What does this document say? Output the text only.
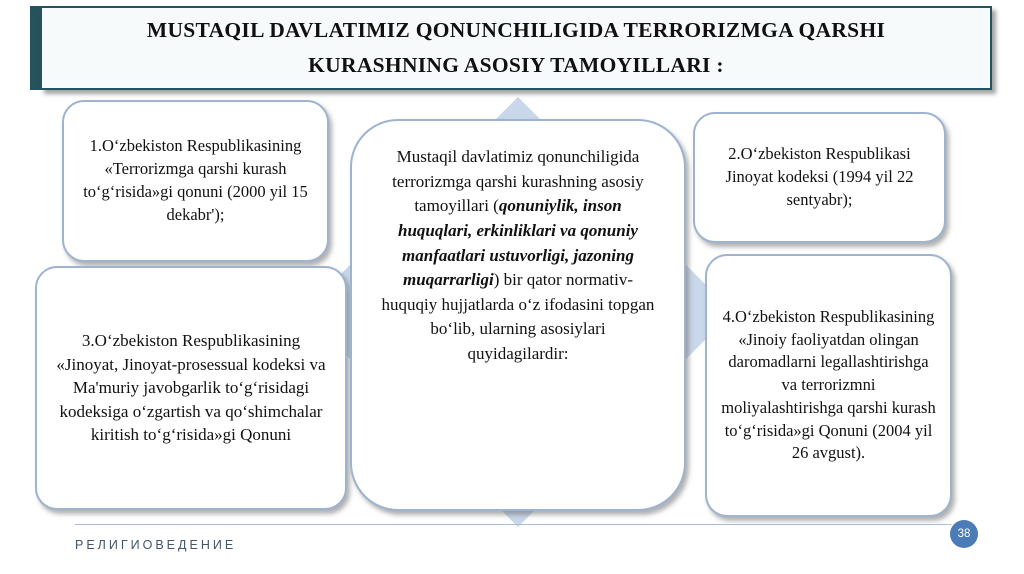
MUSTAQIL DAVLATIMIZ QONUNCHILIGIDA TERRORIZMGA QARSHI
KURASHNING ASOSIY TAMOYILLARI :
1.Oʻzbekiston Respublikasining «Terrorizmga qarshi kurash toʻgʻrisida»gi qonuni (2000 yil 15 dekabr');
2.Oʻzbekiston Respublikasi Jinoyat kodeksi (1994 yil 22 sentyabr);
3.Oʻzbekiston Respublikasining «Jinoyat, Jinoyat-prosessual kodeksi va Ma'muriy javobgarlik toʻgʻrisidagi kodeksiga oʻzgartish va qoʻshimchalar kiritish toʻgʻrisida»gi Qonuni
4.Oʻzbekiston Respublikasining «Jinoiy faoliyatdan olingan daromadlarni legallashtirishga va terrorizmni moliyalashtirishga qarshi kurash toʻgʻrisida»gi Qonuni (2004 yil 26 avgust).
Mustaqil davlatimiz qonunchiligida terrorizmga qarshi kurashning asosiy tamoyillari (qonuniylik, inson huquqlari, erkinliklari va qonuniy manfaatlari ustuvorligi, jazoning muqarrarligi) bir qator normativ-huquqiy hujjatlarda oʻz ifodasini topgan boʻlib, ularning asosiylari quyidagilardir:
РЕЛИГИОВЕДЕНИЕ
38
